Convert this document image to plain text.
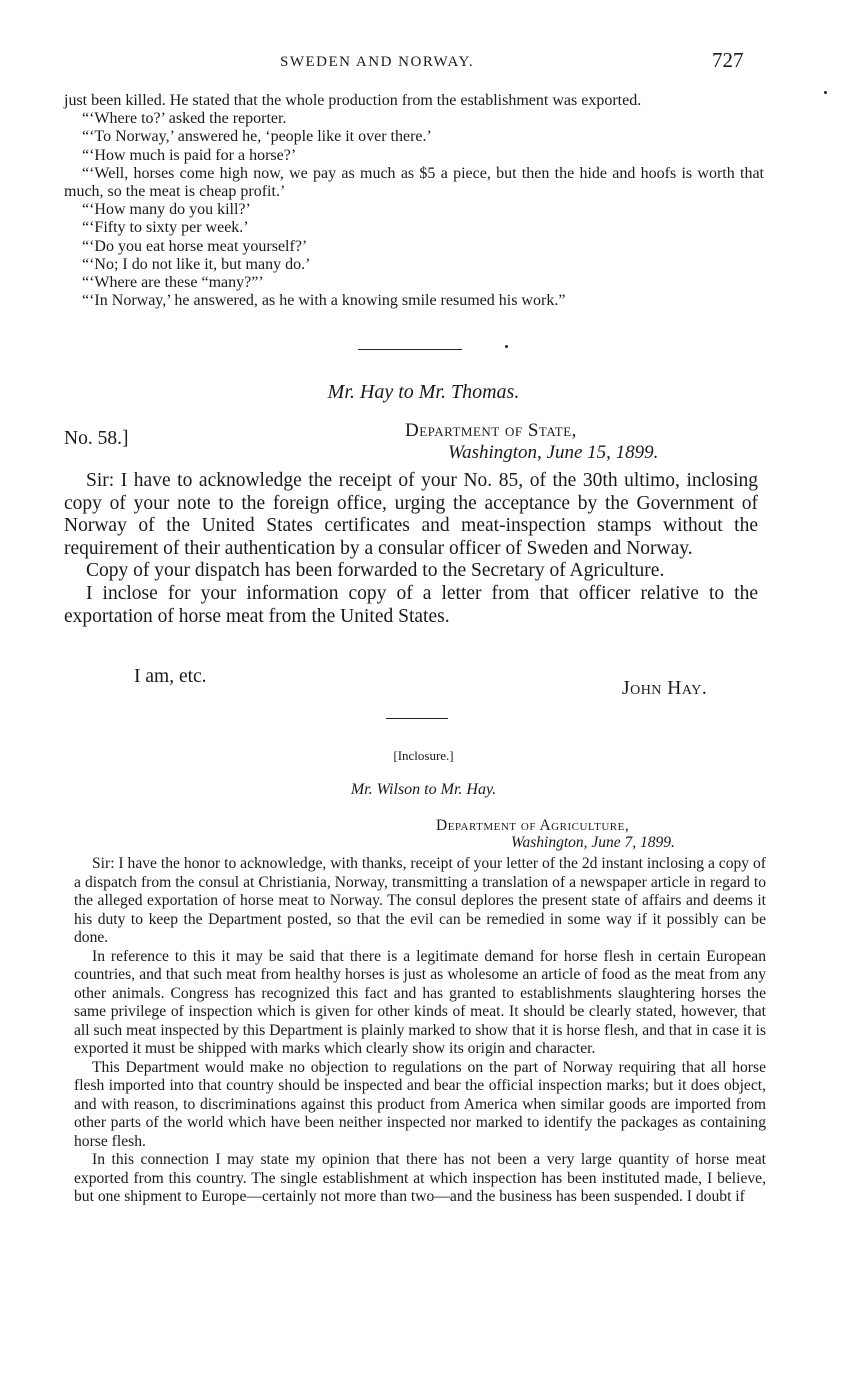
SWEDEN AND NORWAY.	727

just been killed. He stated that the whole production from the establishment was exported.

“‘Where to?’ asked the reporter.

“‘To Norway,’ answered he, ‘people like it over there.’

“‘How much is paid for a horse?’

“‘Well, horses come high now, we pay as much as $5 a piece, but then the hide and hoofs is worth that much, so the meat is cheap profit.’

“‘How many do you kill?’

“‘Fifty to sixty per week.’

“‘Do you eat horse meat yourself?’

“‘No; I do not like it, but many do.’

“‘Where are these “many?”’

“‘In Norway,’ he answered, as he with a knowing smile resumed his work.”

Mr. Hay to Mr. Thomas.
No. 58.]	Department of State,
Washington, June 15, 1899.

Sir: I have to acknowledge the receipt of your No. 85, of the 30th ultimo, inclosing copy of your note to the foreign office, urging the acceptance by the Government of Norway of the United States certificates and meat-inspection stamps without the requirement of their authentication by a consular officer of Sweden and Norway.

Copy of your dispatch has been forwarded to the Secretary of Agriculture.

I inclose for your information copy of a letter from that officer relative to the exportation of horse meat from the United States.

I am, etc.
John Hay.
[Inclosure.]
Mr. Wilson to Mr. Hay.
Department of Agriculture,
Washington, June 7, 1899.

Sir: I have the honor to acknowledge, with thanks, receipt of your letter of the 2d instant inclosing a copy of a dispatch from the consul at Christiania, Norway, transmitting a translation of a newspaper article in regard to the alleged exportation of horse meat to Norway. The consul deplores the present state of affairs and deems it his duty to keep the Department posted, so that the evil can be remedied in some way if it possibly can be done.

In reference to this it may be said that there is a legitimate demand for horse flesh in certain European countries, and that such meat from healthy horses is just as wholesome an article of food as the meat from any other animals. Congress has recognized this fact and has granted to establishments slaughtering horses the same privilege of inspection which is given for other kinds of meat. It should be clearly stated, however, that all such meat inspected by this Department is plainly marked to show that it is horse flesh, and that in case it is exported it must be shipped with marks which clearly show its origin and character.

This Department would make no objection to regulations on the part of Norway requiring that all horse flesh imported into that country should be inspected and bear the official inspection marks; but it does object, and with reason, to discriminations against this product from America when similar goods are imported from other parts of the world which have been neither inspected nor marked to identify the packages as containing horse flesh.

In this connection I may state my opinion that there has not been a very large quantity of horse meat exported from this country. The single establishment at which inspection has been instituted made, I believe, but one shipment to Europe—certainly not more than two—and the business has been suspended. I doubt if
